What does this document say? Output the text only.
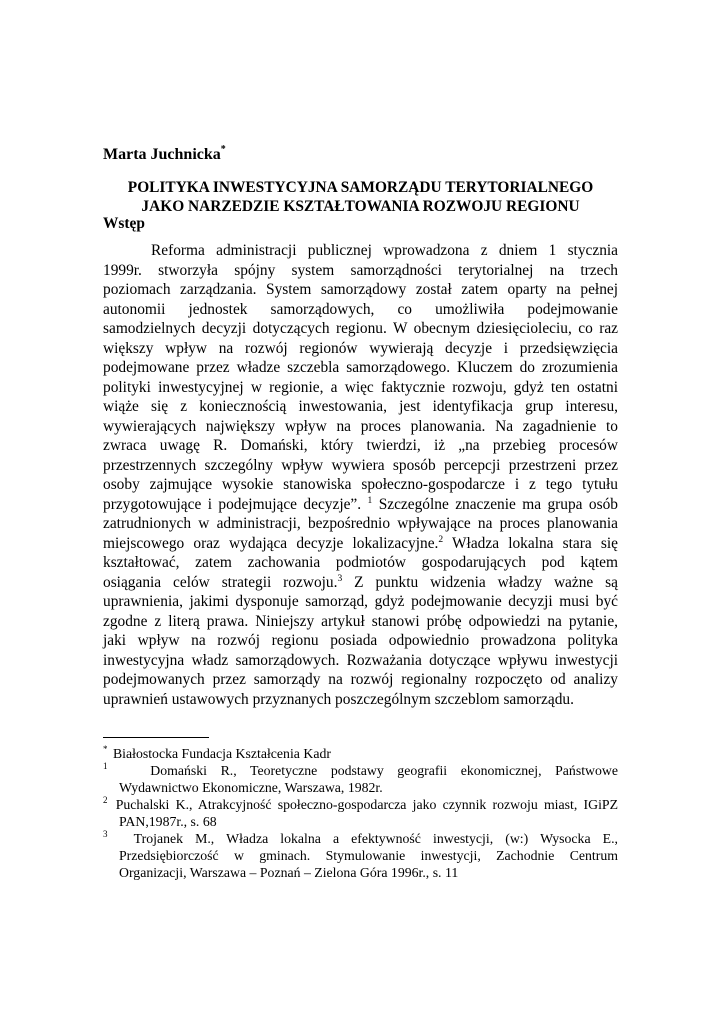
Marta Juchnicka*
POLITYKA INWESTYCYJNA SAMORZĄDU TERYTORIALNEGO
JAKO NARZEDZIE KSZTAŁTOWANIA ROZWOJU REGIONU
Wstęp
Reforma administracji publicznej wprowadzona z dniem 1 stycznia
1999r. stworzyła spójny system samorządności terytorialnej na trzech
poziomach zarządzania. System samorządowy został zatem oparty na pełnej
autonomii jednostek samorządowych, co umożliwiła podejmowanie
samodzielnych decyzji dotyczących regionu. W obecnym dziesięcioleciu, co raz
większy wpływ na rozwój regionów wywierają decyzje i przedsięwzięcia
podejmowane przez władze szczebla samorządowego. Kluczem do zrozumienia
polityki inwestycyjnej w regionie, a więc faktycznie rozwoju, gdyż ten ostatni
wiąże się z koniecznością inwestowania, jest identyfikacja grup interesu,
wywierających największy wpływ na proces planowania. Na zagadnienie to
zwraca uwagę R. Domański, który twierdzi, iż „na przebieg procesów
przestrzennych szczególny wpływ wywiera sposób percepcji przestrzeni przez
osoby zajmujące wysokie stanowiska społeczno-gospodarcze i z tego tytułu
przygotowujące i podejmujące decyzje”. $^1$ Szczególne znaczenie ma grupa osób
zatrudnionych w administracji, bezpośrednio wpływające na proces planowania
miejscowego oraz wydająca decyzje lokalizacyjne.$^2$ Władza lokalna stara się
kształtować, zatem zachowania podmiotów gospodarujących pod kątem
osiągania celów strategii rozwoju.$^3$ Z punktu widzenia władzy ważne są
uprawnienia, jakimi dysponuje samorząd, gdyż podejmowanie decyzji musi być
zgodne z literą prawa. Niniejszy artykuł stanowi próbę odpowiedzi na pytanie,
jaki wpływ na rozwój regionu posiada odpowiednio prowadzona polityka
inwestycyjna władz samorządowych. Rozważania dotyczące wpływu inwestycji
podejmowanych przez samorządy na rozwój regionalny rozpoczęto od analizy
uprawnień ustawowych przyznanych poszczególnym szczeblom samorządu.
* Białostocka Fundacja Kształcenia Kadr
1	Domański R., Teoretyczne podstawy geografii ekonomicznej, Państwowe
Wydawnictwo Ekonomiczne, Warszawa, 1982r.
2 Puchalski K., Atrakcyjność społeczno-gospodarcza jako czynnik rozwoju miast, IGiPZ
PAN,1987r., s. 68
3 Trojanek M., Władza lokalna a efektywność inwestycji, (w:) Wysocka E.,
Przedsiębiorczość w gminach. Stymulowanie inwestycji, Zachodnie Centrum
Organizacji, Warszawa – Poznań – Zielona Góra 1996r., s. 11
